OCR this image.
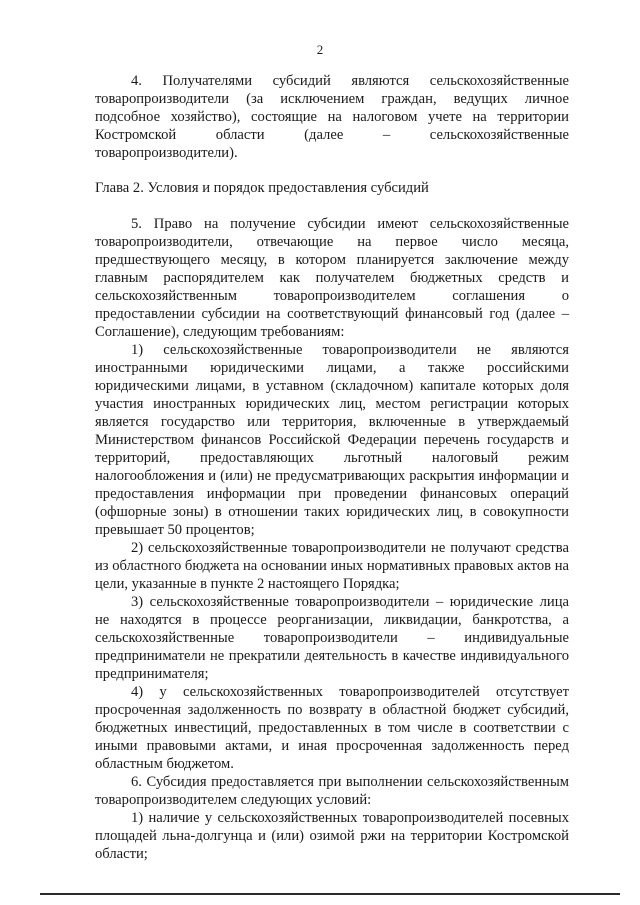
2

4. Получателями субсидий являются сельскохозяйственные товаропроизводители (за исключением граждан, ведущих личное подсобное хозяйство), состоящие на налоговом учете на территории Костромской области (далее – сельскохозяйственные товаропроизводители).

Глава 2. Условия и порядок предоставления субсидий

5. Право на получение субсидии имеют сельскохозяйственные товаропроизводители, отвечающие на первое число месяца, предшествующего месяцу, в котором планируется заключение между главным распорядителем как получателем бюджетных средств и сельскохозяйственным товаропроизводителем соглашения о предоставлении субсидии на соответствующий финансовый год (далее – Соглашение), следующим требованиям:

1) сельскохозяйственные товаропроизводители не являются иностранными юридическими лицами, а также российскими юридическими лицами, в уставном (складочном) капитале которых доля участия иностранных юридических лиц, местом регистрации которых является государство или территория, включенные в утверждаемый Министерством финансов Российской Федерации перечень государств и территорий, предоставляющих льготный налоговый режим налогообложения и (или) не предусматривающих раскрытия информации и предоставления информации при проведении финансовых операций (офшорные зоны) в отношении таких юридических лиц, в совокупности превышает 50 процентов;

2) сельскохозяйственные товаропроизводители не получают средства из областного бюджета на основании иных нормативных правовых актов на цели, указанные в пункте 2 настоящего Порядка;

3) сельскохозяйственные товаропроизводители – юридические лица не находятся в процессе реорганизации, ликвидации, банкротства, а сельскохозяйственные товаропроизводители – индивидуальные предприниматели не прекратили деятельность в качестве индивидуального предпринимателя;

4) у сельскохозяйственных товаропроизводителей отсутствует просроченная задолженность по возврату в областной бюджет субсидий, бюджетных инвестиций, предоставленных в том числе в соответствии с иными правовыми актами, и иная просроченная задолженность перед областным бюджетом.

6. Субсидия предоставляется при выполнении сельскохозяйственным товаропроизводителем следующих условий:

1) наличие у сельскохозяйственных товаропроизводителей посевных площадей льна-долгунца и (или) озимой ржи на территории Костромской области;
